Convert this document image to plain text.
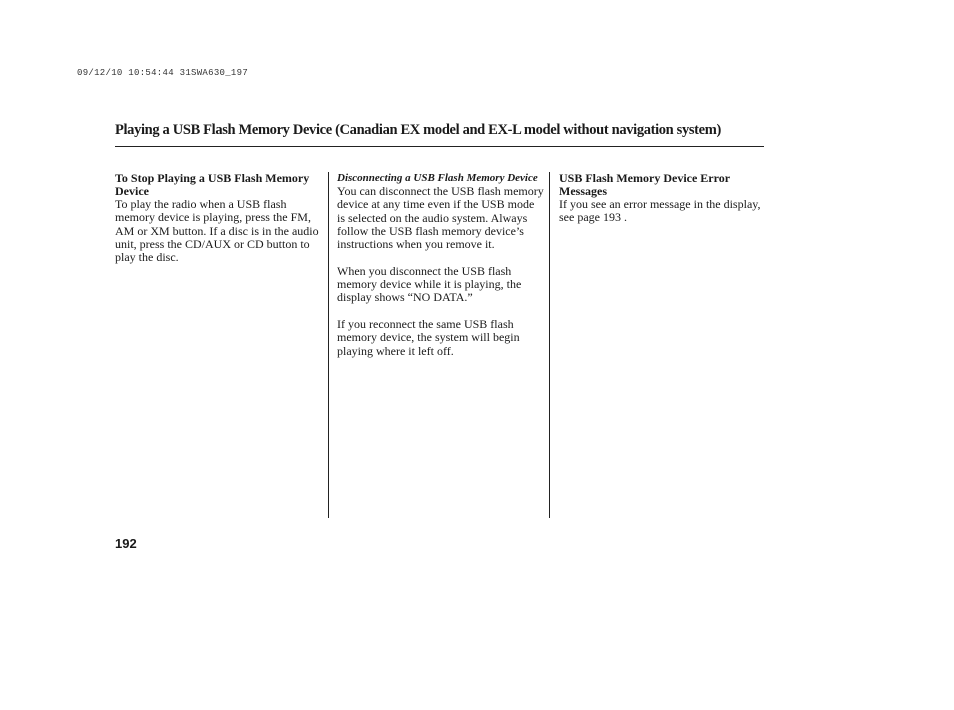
09/12/10 10:54:44 31SWA630_197
Playing a USB Flash Memory Device (Canadian EX model and EX-L model without navigation system)
To Stop Playing a USB Flash Memory Device

To play the radio when a USB flash memory device is playing, press the FM, AM or XM button. If a disc is in the audio unit, press the CD/AUX or CD button to play the disc.

Disconnecting a USB Flash Memory Device

You can disconnect the USB flash memory device at any time even if the USB mode is selected on the audio system. Always follow the USB flash memory device’s instructions when you remove it.

When you disconnect the USB flash memory device while it is playing, the display shows “NO DATA.”

If you reconnect the same USB flash memory device, the system will begin playing where it left off.

USB Flash Memory Device Error Messages

If you see an error message in the display, see page 193 .

192
